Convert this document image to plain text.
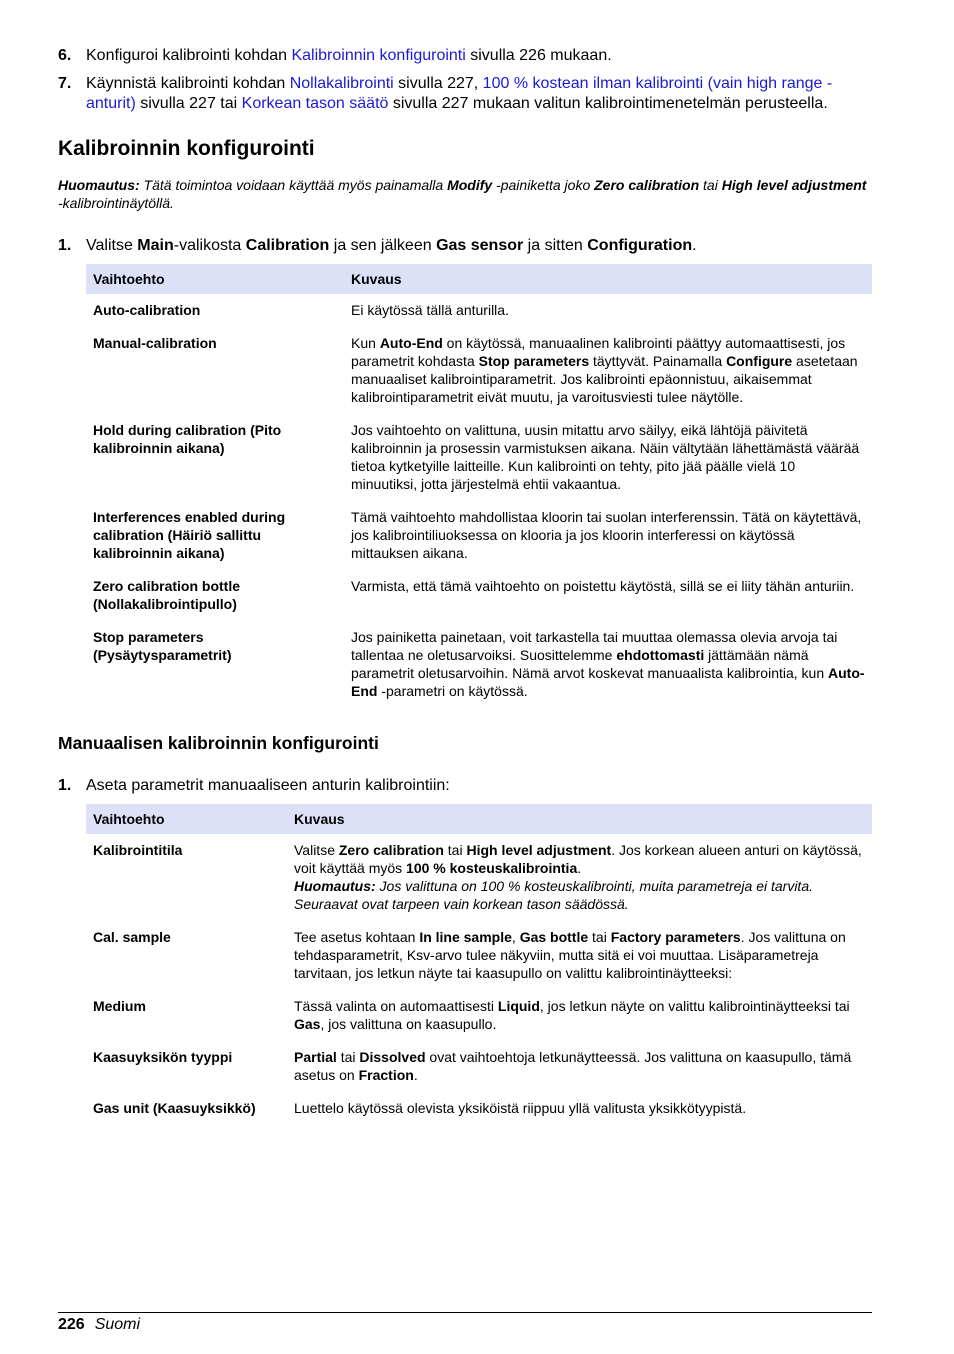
6. Konfiguroi kalibrointi kohdan Kalibroinnin konfigurointi sivulla 226 mukaan.
7. Käynnistä kalibrointi kohdan Nollakalibrointi sivulla 227, 100 % kostean ilman kalibrointi (vain high range -anturit) sivulla 227 tai Korkean tason säätö sivulla 227 mukaan valitun kalibrointimenetelmän perusteella.
Kalibroinnin konfigurointi
Huomautus: Tätä toimintoa voidaan käyttää myös painamalla Modify -painiketta joko Zero calibration tai High level adjustment -kalibrointinäytöllä.
1. Valitse Main-valikosta Calibration ja sen jälkeen Gas sensor ja sitten Configuration.
Vaihtoehto	Kuvaus
Auto-calibration	Ei käytössä tällä anturilla.
Manual-calibration	Kun Auto-End on käytössä, manuaalinen kalibrointi päättyy automaattisesti, jos parametrit kohdasta Stop parameters täyttyvät. Painamalla Configure asetetaan manuaaliset kalibrointiparametrit. Jos kalibrointi epäonnistuu, aikaisemmat kalibrointiparametrit eivät muutu, ja varoitusviesti tulee näytölle.
Hold during calibration (Pito kalibroinnin aikana)	Jos vaihtoehto on valittuna, uusin mitattu arvo säilyy, eikä lähtöjä päivitetä kalibroinnin ja prosessin varmistuksen aikana. Näin vältytään lähettämästä väärää tietoa kytketyille laitteille. Kun kalibrointi on tehty, pito jää päälle vielä 10 minuutiksi, jotta järjestelmä ehtii vakaantua.
Interferences enabled during calibration (Häiriö sallittu kalibroinnin aikana)	Tämä vaihtoehto mahdollistaa kloorin tai suolan interferenssin. Tätä on käytettävä, jos kalibrointiliuoksessa on klooria ja jos kloorin interferessi on käytössä mittauksen aikana.
Zero calibration bottle (Nollakalibrointipullo)	Varmista, että tämä vaihtoehto on poistettu käytöstä, sillä se ei liity tähän anturiin.
Stop parameters (Pysäytysparametrit)	Jos painiketta painetaan, voit tarkastella tai muuttaa olemassa olevia arvoja tai tallentaa ne oletusarvoiksi. Suosittelemme ehdottomasti jättämään nämä parametrit oletusarvoihin. Nämä arvot koskevat manuaalista kalibrointia, kun Auto-End -parametri on käytössä.
Manuaalisen kalibroinnin konfigurointi
1. Aseta parametrit manuaaliseen anturin kalibrointiin:
Vaihtoehto	Kuvaus
Kalibrointitila	Valitse Zero calibration tai High level adjustment. Jos korkean alueen anturi on käytössä, voit käyttää myös 100 % kosteuskalibrointia.
Huomautus: Jos valittuna on 100 % kosteuskalibrointi, muita parametreja ei tarvita. Seuraavat ovat tarpeen vain korkean tason säädössä.
Cal. sample	Tee asetus kohtaan In line sample, Gas bottle tai Factory parameters. Jos valittuna on tehdasparametrit, Ksv-arvo tulee näkyviin, mutta sitä ei voi muuttaa. Lisäparametreja tarvitaan, jos letkun näyte tai kaasupullo on valittu kalibrointinäytteeksi:
Medium	Tässä valinta on automaattisesti Liquid, jos letkun näyte on valittu kalibrointinäytteeksi tai Gas, jos valittuna on kaasupullo.
Kaasuyksikön tyyppi	Partial tai Dissolved ovat vaihtoehtoja letkunäytteessä. Jos valittuna on kaasupullo, tämä asetus on Fraction.
Gas unit (Kaasuyksikkö)	Luettelo käytössä olevista yksiköistä riippuu yllä valitusta yksikkötyypistä.
226 Suomi
